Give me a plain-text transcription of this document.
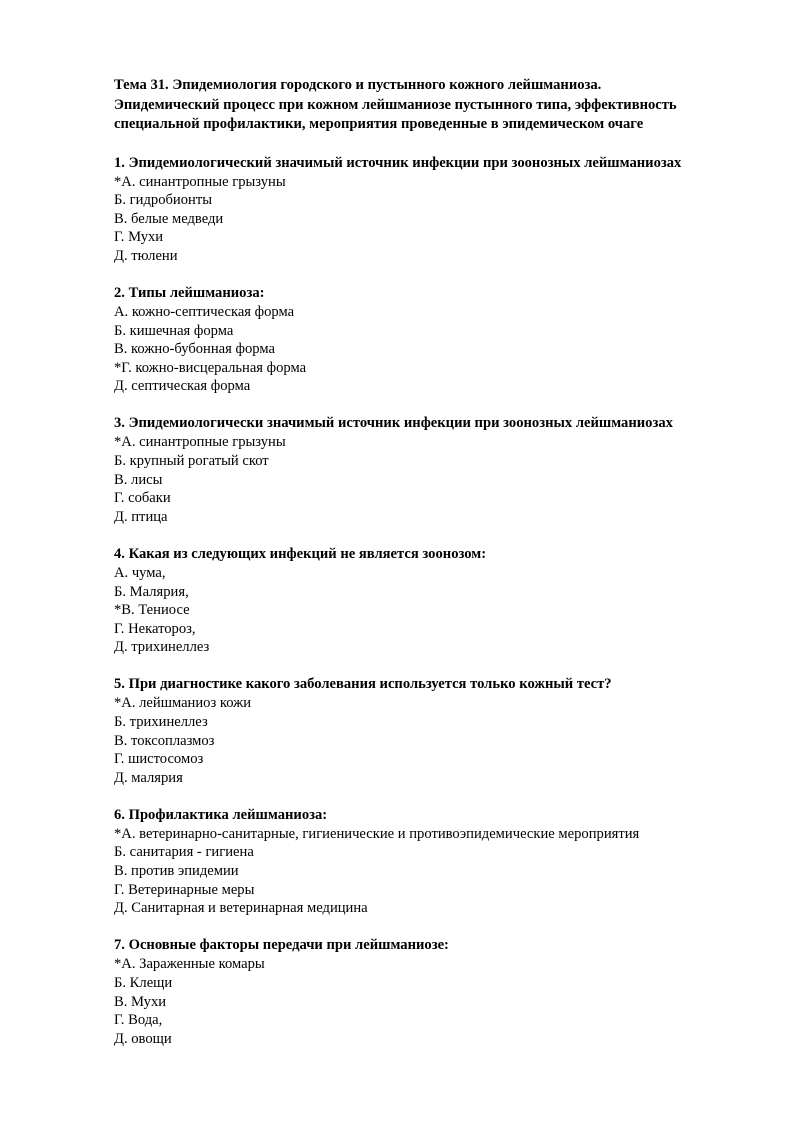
Тема 31. Эпидемиология городского и пустынного кожного лейшманиоза.
Эпидемический процесс при кожном лейшманиозе пустынного типа, эффективность
специальной профилактики, мероприятия проведенные в эпидемическом очаге
1. Эпидемиологический значимый источник инфекции при зоонозных лейшманиозах
*А. синантропные грызуны
Б. гидробионты
В. белые медведи
Г. Мухи
Д. тюлени
2. Типы лейшманиоза:
А. кожно-септическая форма
Б. кишечная форма
В. кожно-бубонная форма
*Г. кожно-висцеральная форма
Д. септическая форма
3. Эпидемиологически значимый источник инфекции при зоонозных лейшманиозах
*А. синантропные грызуны
Б. крупный рогатый скот
В. лисы
Г. собаки
Д. птица
4. Какая из следующих инфекций не является зоонозом:
А. чума,
Б. Малярия,
*В. Тениосе
Г. Некатороз,
Д. трихинеллез
5. При диагностике какого заболевания используется только кожный тест?
*А. лейшманиоз кожи
Б. трихинеллез
В. токсоплазмоз
Г. шистосомоз
Д. малярия
6. Профилактика лейшманиоза:
*А. ветеринарно-санитарные, гигиенические и противоэпидемические мероприятия
Б. санитария - гигиена
В. против эпидемии
Г. Ветеринарные меры
Д. Санитарная и ветеринарная медицина
7. Основные факторы передачи при лейшманиозе:
*А. Зараженные комары
Б. Клещи
В. Мухи
Г. Вода,
Д. овощи
